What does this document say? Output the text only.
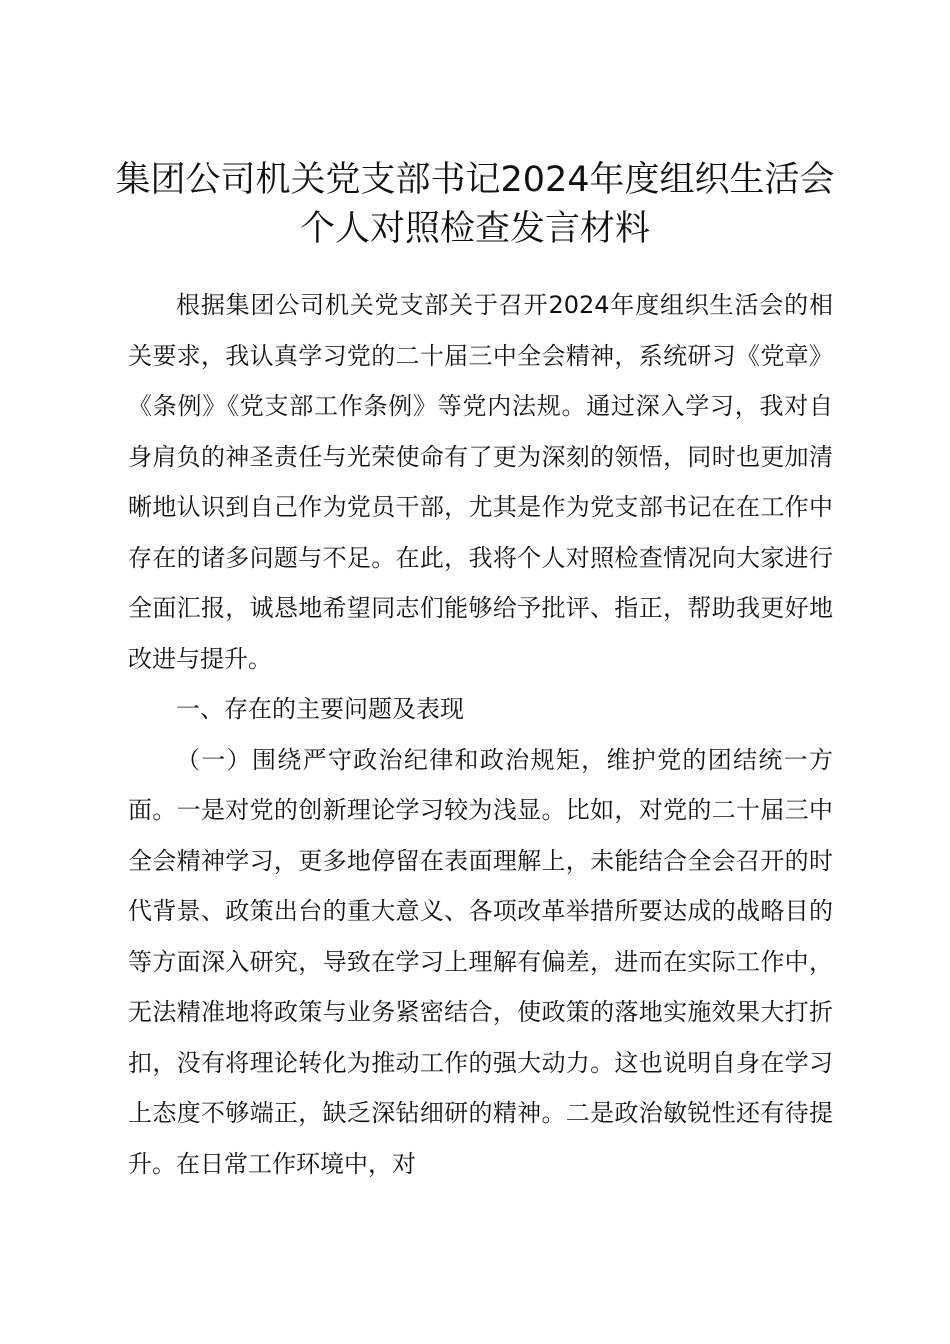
集团公司机关党支部书记2024年度组织生活会个人对照检查发言材料

根据集团公司机关党支部关于召开2024年度组织生活会的相关要求，我认真学习党的二十届三中全会精神，系统研习《党章》《条例》《党支部工作条例》等党内法规。通过深入学习，我对自身肩负的神圣责任与光荣使命有了更为深刻的领悟，同时也更加清晰地认识到自己作为党员干部，尤其是作为党支部书记在在工作中存在的诸多问题与不足。在此，我将个人对照检查情况向大家进行全面汇报，诚恳地希望同志们能够给予批评、指正，帮助我更好地改进与提升。

一、存在的主要问题及表现

（一）围绕严守政治纪律和政治规矩，维护党的团结统一方面。一是对党的创新理论学习较为浅显。比如，对党的二十届三中全会精神学习，更多地停留在表面理解上，未能结合全会召开的时代背景、政策出台的重大意义、各项改革举措所要达成的战略目的等方面深入研究，导致在学习上理解有偏差，进而在实际工作中，无法精准地将政策与业务紧密结合，使政策的落地实施效果大打折扣，没有将理论转化为推动工作的强大动力。这也说明自身在学习上态度不够端正，缺乏深钻细研的精神。二是政治敏锐性还有待提升。在日常工作环境中，对
